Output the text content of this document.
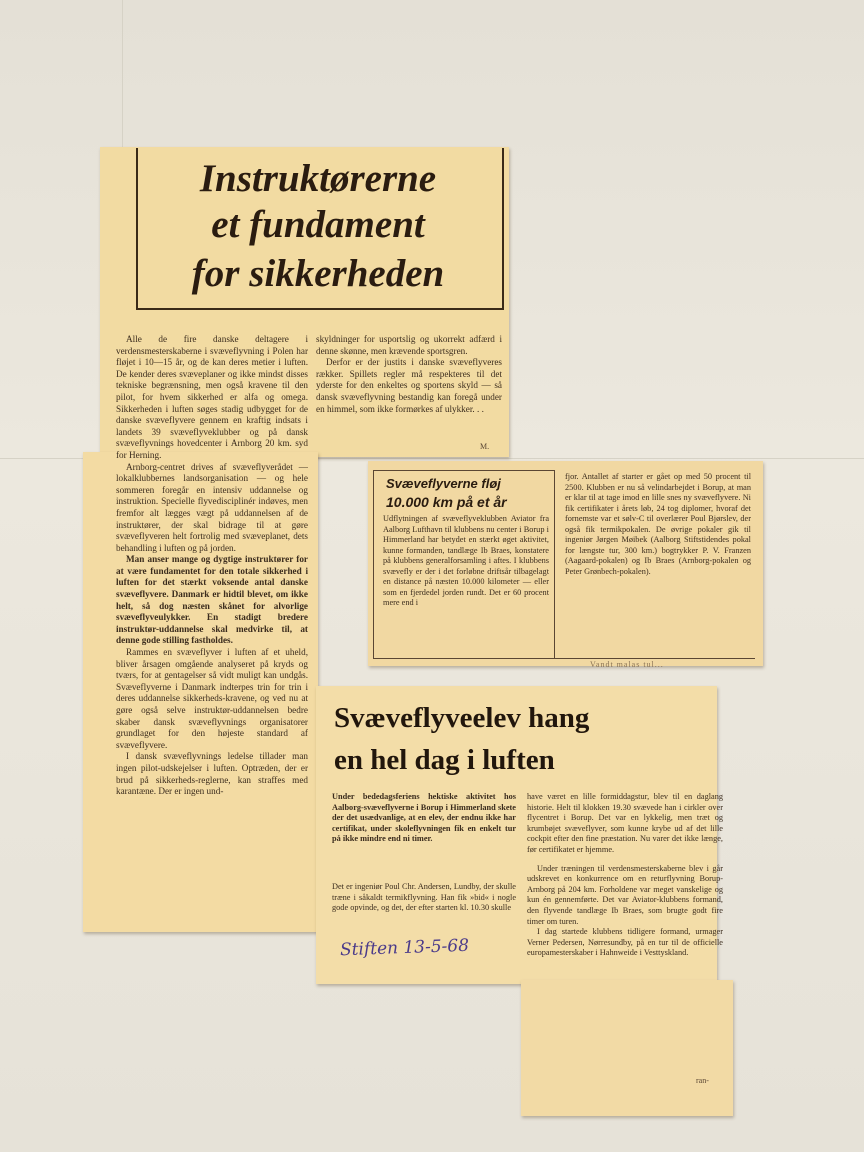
Instruktørerne
et fundament
for sikkerheden

Alle de fire danske deltagere i verdensmesterskaberne i svæveflyvning i Polen har fløjet i 10—15 år, og de kan deres metier i luften. De kender deres svæveplaner og ikke mindst disses tekniske begrænsning, men også kravene til den pilot, for hvem sikkerhed er alfa og omega. Sikkerheden i luften søges stadig udbygget for de danske svæveflyvere gennem en kraftig indsats i landets 39 svæveflyveklubber og på dansk svæveflyvnings hovedcenter i Arnborg 20 km. syd for Herning.

Arnborg-centret drives af svæveflyverådet — lokalklubbernes landsorganisation — og hele sommeren foregår en intensiv uddannelse og instruktion. Specielle flyvedisciplinér indøves, men fremfor alt lægges vægt på uddannelsen af de instruktører, der skal bidrage til at gøre svæveflyveren helt fortrolig med svæveplanet, dets behandling i luften og på jorden.

Man anser mange og dygtige instruktører for at være fundamentet for den totale sikkerhed i luften for det stærkt voksende antal danske svæveflyvere. Danmark er hidtil blevet, om ikke helt, så dog næsten skånet for alvorlige svæveflyveulykker. En stadigt bredere instruktør-uddannelse skal medvirke til, at denne gode stilling fastholdes.

Rammes en svæveflyver i luften af et uheld, bliver årsagen omgående analyseret på kryds og tværs, for at gentagelser så vidt muligt kan undgås. Svæveflyverne i Danmark indterpes trin for trin i deres uddannelse sikkerheds-kravene, og ved nu at gøre også selve instruktør-uddannelsen bedre skaber dansk svæveflyvnings organisatorer grundlaget for den højeste standard af svæveflyvere.

I dansk svæveflyvnings ledelse tillader man ingen pilot-udskejelser i luften. Optræden, der er brud på sikkerheds-reglerne, kan straffes med karantæne. Der er ingen und-

skyldninger for usportslig og ukorrekt adfærd i denne skønne, men krævende sportsgren.

Derfor er der justits i danske svæveflyveres rækker. Spillets regler må respekteres til det yderste for den enkeltes og sportens skyld — så dansk svæveflyvning bestandig kan foregå under en himmel, som ikke formørkes af ulykker. . .

M.
Svæveflyverne fløj
10.000 km på et år
Udflytningen af svæveflyveklubben Aviator fra Aalborg Lufthavn til klubbens nu center i Borup i Himmerland har betydet en stærkt øget aktivitet, kunne formanden, tandlæge Ib Braes, konstatere på klubbens generalforsamling i aftes. I klubbens svævefly er der i det forløbne driftsår tilbagelagt en distance på næsten 10.000 kilometer — eller som en fjerdedel jorden rundt. Det er 60 procent mere end i
fjor. Antallet af starter er gået op med 50 procent til 2500. Klubben er nu så velindarbejdet i Borup, at man er klar til at tage imod en lille snes ny svæveflyvere. Ni fik certifikater i årets løb, 24 tog diplomer, hvoraf det fornemste var et sølv-C til overlærer Poul Bjørslev, der også fik termikpokalen. De øvrige pokaler gik til ingeniør Jørgen Møibek (Aalborg Stiftstidendes pokal for længste tur, 300 km.) bogtrykker P. V. Franzen (Aagaard-pokalen) og Ib Braes (Arnborg-pokalen og Peter Grønbech-pokalen).
Vandt malas tul...
Svæveflyveelev hang
en hel dag i luften
Under bededagsferiens hektiske aktivitet hos Aalborg-svæveflyverne i Borup i Himmerland skete der det usædvanlige, at en elev, der endnu ikke har certifikat, under skoleflyvningen fik en enkelt tur på ikke mindre end ni timer.
Det er ingeniør Poul Chr. Andersen, Lundby, der skulle træne i såkaldt termikflyvning. Han fik »bid« i nogle gode opvinde, og det, der efter starten kl. 10.30 skulle

have været en lille formiddagstur, blev til en daglang historie. Helt til klokken 19.30 svævede han i cirkler over flycentret i Borup. Det var en lykkelig, men træt og krumbøjet svæveflyver, som kunne krybe ud af det lille cockpit efter den fine præstation. Nu varer det ikke længe, før certifikatet er hjemme.

Under træningen til verdensmesterskaberne blev i går udskrevet en konkurrence om en returflyvning Borup-Arnborg på 204 km. Forholdene var meget vanskelige og kun én gennemførte. Det var Aviator-klubbens formand, den flyvende tandlæge Ib Braes, som brugte godt fire timer om turen.

I dag startede klubbens tidligere formand, urmager Verner Pedersen, Nørresundby, på en tur til de officielle europamesterskaber i Hahnweide i Vesttyskland.

ran-
Stiften 13-5-68
